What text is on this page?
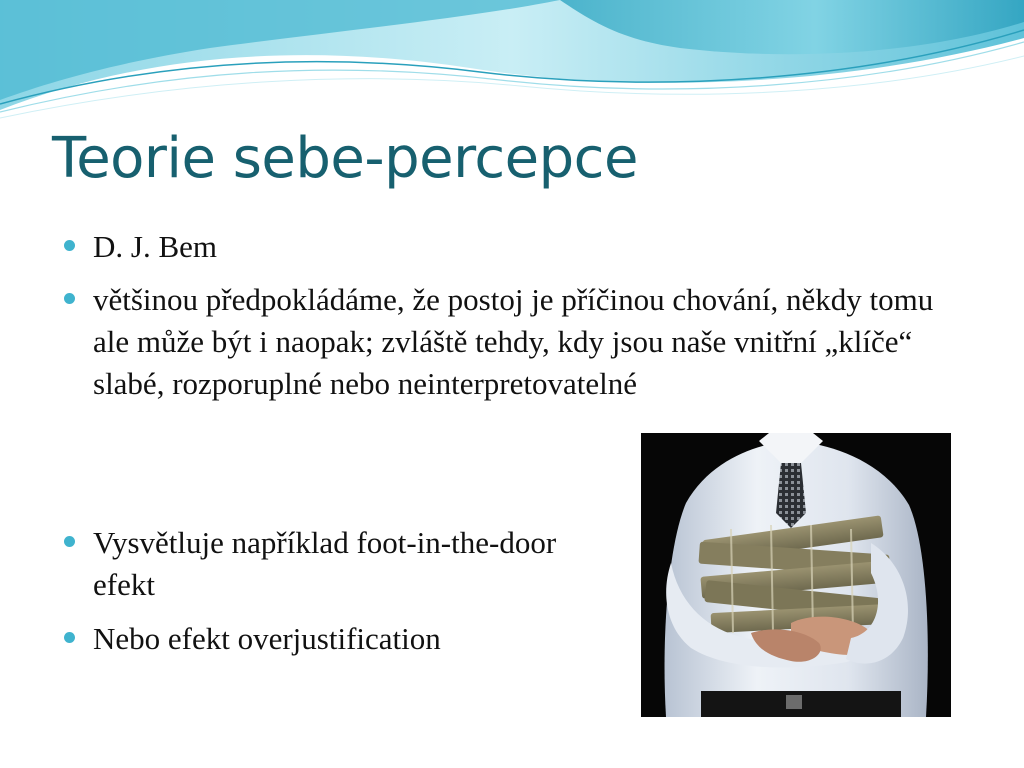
Teorie sebe-percepce
D. J. Bem
většinou předpokládáme, že postoj je příčinou chování, někdy tomu ale může být i naopak; zvláště tehdy, kdy jsou naše vnitřní „klíče“ slabé, rozporuplné nebo neinterpretovatelné
Vysvětluje například foot-in-the-door efekt
Nebo efekt overjustification
